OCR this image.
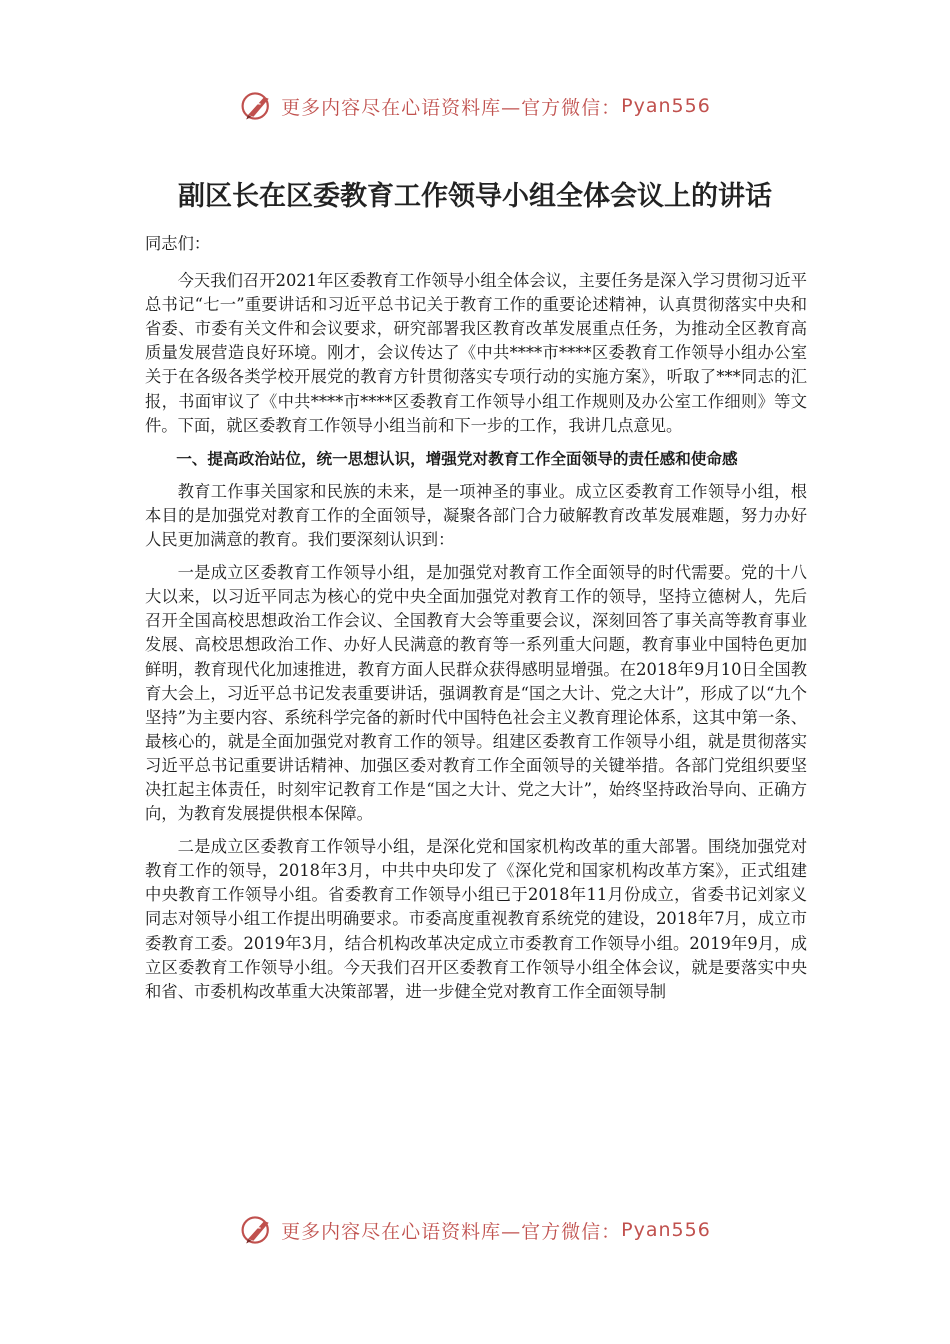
更多内容尽在心语资料库—官方微信： Pyan556
副区长在区委教育工作领导小组全体会议上的讲话

同志们：

今天我们召开2021年区委教育工作领导小组全体会议，主要任务是深入学习贯彻习近平总书记“七一”重要讲话和习近平总书记关于教育工作的重要论述精神，认真贯彻落实中央和省委、市委有关文件和会议要求，研究部署我区教育改革发展重点任务，为推动全区教育高质量发展营造良好环境。刚才，会议传达了《中共****市****区委教育工作领导小组办公室关于在各级各类学校开展党的教育方针贯彻落实专项行动的实施方案》，听取了***同志的汇报，书面审议了《中共****市****区委教育工作领导小组工作规则及办公室工作细则》等文件。下面，就区委教育工作领导小组当前和下一步的工作，我讲几点意见。

一、提高政治站位，统一思想认识，增强党对教育工作全面领导的责任感和使命感

教育工作事关国家和民族的未来，是一项神圣的事业。成立区委教育工作领导小组，根本目的是加强党对教育工作的全面领导，凝聚各部门合力破解教育改革发展难题，努力办好人民更加满意的教育。我们要深刻认识到：

一是成立区委教育工作领导小组，是加强党对教育工作全面领导的时代需要。党的十八大以来，以习近平同志为核心的党中央全面加强党对教育工作的领导，坚持立德树人，先后召开全国高校思想政治工作会议、全国教育大会等重要会议，深刻回答了事关高等教育事业发展、高校思想政治工作、办好人民满意的教育等一系列重大问题，教育事业中国特色更加鲜明，教育现代化加速推进，教育方面人民群众获得感明显增强。在2018年9月10日全国教育大会上，习近平总书记发表重要讲话，强调教育是“国之大计、党之大计”，形成了以“九个坚持”为主要内容、系统科学完备的新时代中国特色社会主义教育理论体系，这其中第一条、最核心的，就是全面加强党对教育工作的领导。组建区委教育工作领导小组，就是贯彻落实习近平总书记重要讲话精神、加强区委对教育工作全面领导的关键举措。各部门党组织要坚决扛起主体责任，时刻牢记教育工作是“国之大计、党之大计”，始终坚持政治导向、正确方向，为教育发展提供根本保障。

二是成立区委教育工作领导小组，是深化党和国家机构改革的重大部署。围绕加强党对教育工作的领导，2018年3月，中共中央印发了《深化党和国家机构改革方案》，正式组建中央教育工作领导小组。省委教育工作领导小组已于2018年11月份成立，省委书记刘家义同志对领导小组工作提出明确要求。市委高度重视教育系统党的建设，2018年7月，成立市委教育工委。2019年3月，结合机构改革决定成立市委教育工作领导小组。2019年9月，成立区委教育工作领导小组。今天我们召开区委教育工作领导小组全体会议，就是要落实中央和省、市委机构改革重大决策部署，进一步健全党对教育工作全面领导制

更多内容尽在心语资料库—官方微信： Pyan556
